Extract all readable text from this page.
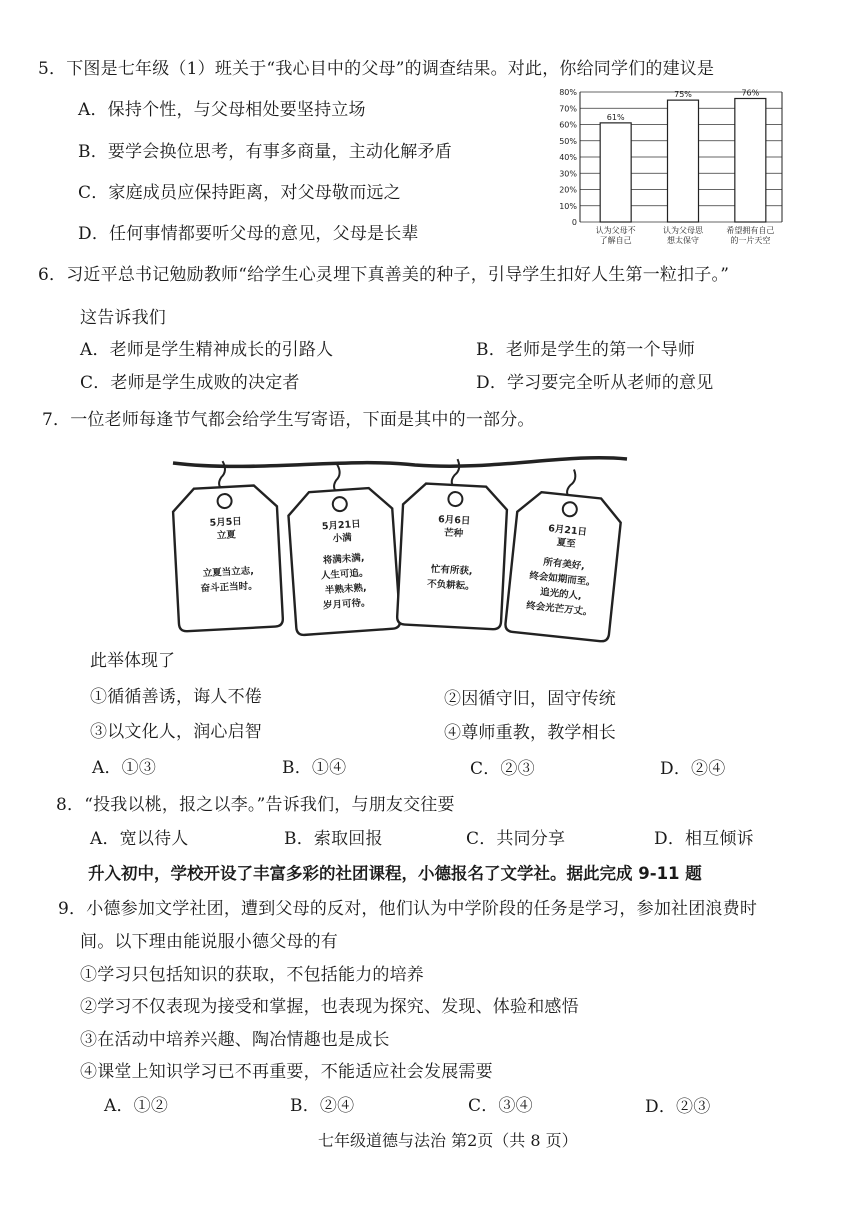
5．下图是七年级（1）班关于“我心目中的父母”的调查结果。对此，你给同学们的建议是
A．保持个性，与父母相处要坚持立场
B．要学会换位思考，有事多商量，主动化解矛盾
C．家庭成员应保持距离，对父母敬而远之
D．任何事情都要听父母的意见，父母是长辈
0
10%
20%
30%
40%
50%
60%
70%
80%
61%
认为父母不
了解自己
75%
认为父母思
想太保守
76%
希望拥有自己
的一片天空
6．习近平总书记勉励教师“给学生心灵埋下真善美的种子，引导学生扣好人生第一粒扣子。”
这告诉我们
A．老师是学生精神成长的引路人	B．老师是学生的第一个导师
C．老师是学生成败的决定者	D．学习要完全听从老师的意见
7．一位老师每逢节气都会给学生写寄语，下面是其中的一部分。
5月5日
立夏
立夏当立志,
奋斗正当时。
5月21日
小满
将满未满,
人生可追。
半熟未熟,
岁月可待。
6月6日
芒种
忙有所获,
不负耕耘。
6月21日
夏至
所有美好,
终会如期而至。
追光的人,
终会光芒万丈。
此举体现了
①循循善诱，诲人不倦	②因循守旧，固守传统
③以文化人，润心启智	④尊师重教，教学相长
A．①③	B．①④	C．②③	D．②④
8．“投我以桃，报之以李。”告诉我们，与朋友交往要
A．宽以待人	B．索取回报	C．共同分享	D．相互倾诉
升入初中，学校开设了丰富多彩的社团课程，小德报名了文学社。据此完成 9-11 题
9．小德参加文学社团，遭到父母的反对，他们认为中学阶段的任务是学习，参加社团浪费时
间。以下理由能说服小德父母的有
①学习只包括知识的获取，不包括能力的培养
②学习不仅表现为接受和掌握，也表现为探究、发现、体验和感悟
③在活动中培养兴趣、陶冶情趣也是成长
④课堂上知识学习已不再重要，不能适应社会发展需要
A．①②	B．②④	C．③④	D．②③
七年级道德与法治 第2页（共 8 页）
